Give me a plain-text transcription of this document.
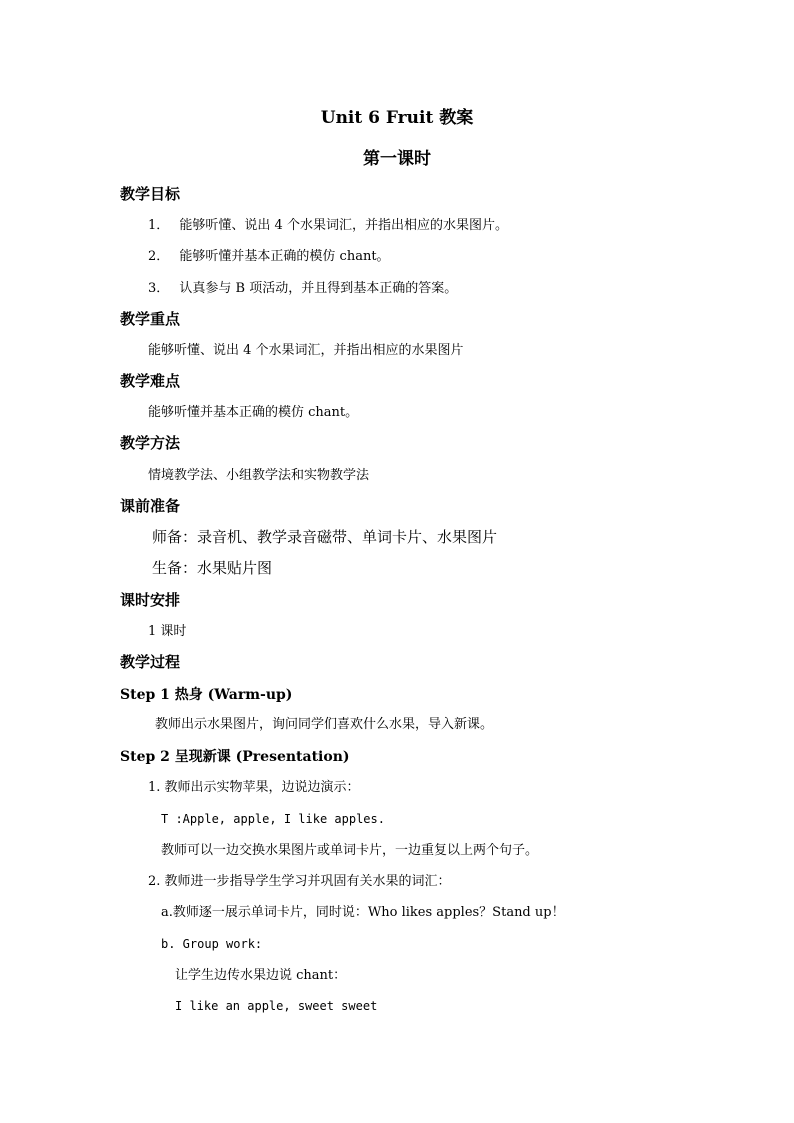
Unit 6 Fruit 教案
第一课时
教学目标
1． 能够听懂、说出 4 个水果词汇，并指出相应的水果图片。
2． 能够听懂并基本正确的模仿 chant。
3． 认真参与 B 项活动，并且得到基本正确的答案。
教学重点
能够听懂、说出 4 个水果词汇，并指出相应的水果图片
教学难点
能够听懂并基本正确的模仿 chant。
教学方法
情境教学法、小组教学法和实物教学法
课前准备
师备：录音机、教学录音磁带、单词卡片、水果图片
生备：水果贴片图
课时安排
1 课时
教学过程
Step 1 热身 (Warm-up)
教师出示水果图片，询问同学们喜欢什么水果，导入新课。
Step 2 呈现新课 (Presentation)
1. 教师出示实物苹果，边说边演示：
T :Apple, apple, I like apples.
教师可以一边交换水果图片或单词卡片，一边重复以上两个句子。
2. 教师进一步指导学生学习并巩固有关水果的词汇：
a.教师逐一展示单词卡片，同时说：Who likes apples？Stand up！
b. Group work:
让学生边传水果边说 chant：
I like an apple, sweet sweet
